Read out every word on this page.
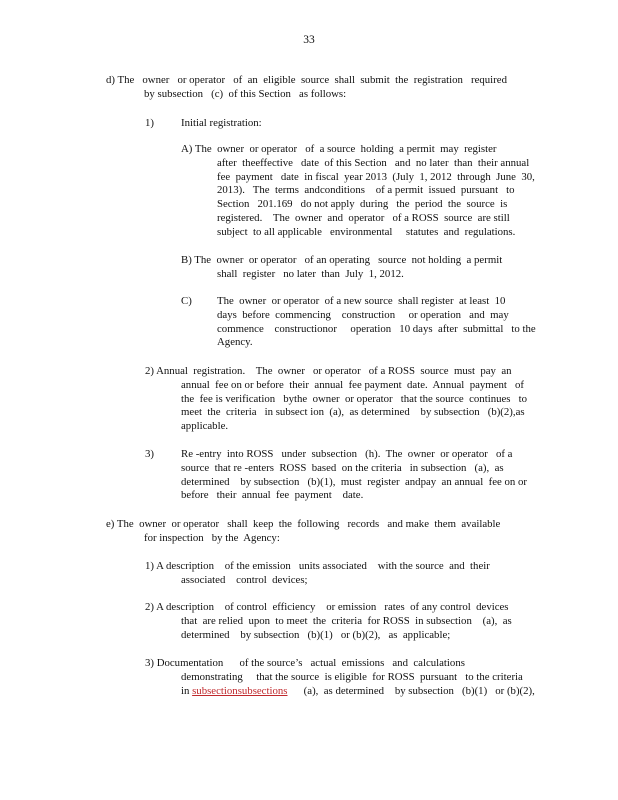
33
d) The   owner   or operator   of  an  eligible  source  shall  submit  the  registration   required
by subsection   (c)  of this Section   as follows:
1)	Initial registration:
A) The  owner  or operator   of  a source  holding  a permit  may  register
after  theeffective   date  of this Section   and  no later  than  their annual
fee  payment   date  in fiscal  year 2013  (July  1, 2012  through  June  30,
2013).   The  terms  andconditions    of a permit  issued  pursuant   to
Section   201.169   do not apply  during   the  period  the  source  is
registered.    The  owner  and  operator   of a ROSS  source  are still
subject  to all applicable   environmental     statutes  and  regulations.
B) The  owner  or operator   of an operating   source  not holding  a permit
shall  register   no later  than  July  1, 2012.
C) The  owner  or operator  of a new source  shall register  at least  10
days  before  commencing    construction     or operation   and  may
commence    constructionor     operation   10 days  after  submittal   to the
Agency.
2) Annual  registration.    The  owner   or operator   of a ROSS  source  must  pay  an
annual  fee on or before  their  annual  fee payment  date.  Annual  payment   of
the  fee is verification   bythe  owner  or operator   that the source  continues   to
meet  the  criteria   in subsect ion  (a),  as determined    by subsection   (b)(2),as
applicable.
3)	Re -entry  into ROSS   under  subsection   (h).  The  owner  or operator   of a
source  that re -enters  ROSS  based  on the criteria   in subsection   (a),  as
determined    by subsection   (b)(1),  must  register  andpay  an annual  fee on or
before   their  annual  fee  payment    date.
e) The  owner  or operator   shall  keep  the  following   records   and make  them  available
for inspection   by the  Agency:
1) A description    of the emission   units associated    with the source  and  their
associated    control  devices;
2) A description    of control  efficiency    or emission   rates  of any control  devices
that  are relied  upon  to meet  the  criteria  for ROSS  in subsection    (a),  as
determined    by subsection   (b)(1)   or (b)(2),   as  applicable;
3) Documentation      of the source’s   actual  emissions   and  calculations
demonstrating     that the source  is eligible  for ROSS  pursuant   to the criteria
in subsectionsubsections      (a),  as determined    by subsection   (b)(1)   or (b)(2),
